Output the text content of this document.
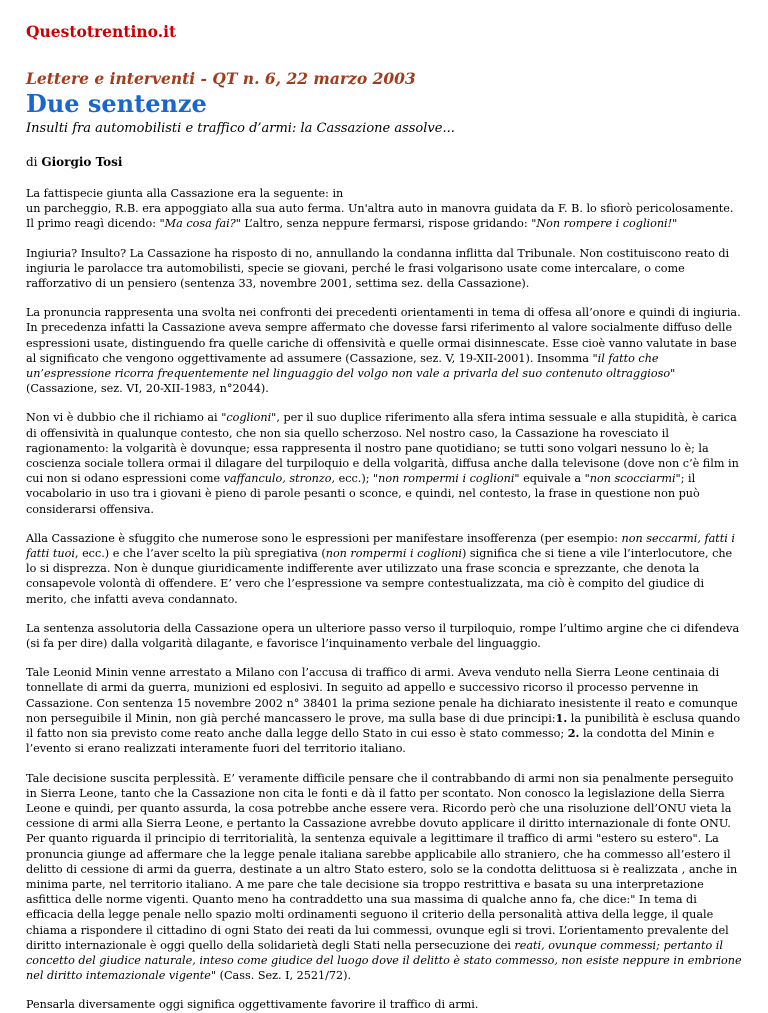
Questotrentino.it
Lettere e interventi - QT n. 6, 22 marzo 2003
Due sentenze
Insulti fra automobilisti e traffico d’armi: la Cassazione assolve...
di Giorgio Tosi

La fattispecie giunta alla Cassazione era la seguente: in
un parcheggio, R.B. era appoggiato alla sua auto ferma. Un'altra auto in manovra guidata da F. B. lo sfiorò pericolosamente. Il primo reagì dicendo: "Ma cosa fai?" L’altro, senza neppure fermarsi, rispose gridando: "Non rompere i coglioni!"

Ingiuria? Insulto? La Cassazione ha risposto di no, annullando la condanna inflitta dal Tribunale. Non costituiscono reato di ingiuria le parolacce tra automobilisti, specie se giovani, perché le frasi volgarisono usate come intercalare, o come rafforzativo di un pensiero (sentenza 33, novembre 2001, settima sez. della Cassazione).

La pronuncia rappresenta una svolta nei confronti dei precedenti orientamenti in tema di offesa all’onore e quindi di ingiuria. In precedenza infatti la Cassazione aveva sempre affermato che dovesse farsi riferimento al valore socialmente diffuso delle espressioni usate, distinguendo fra quelle cariche di offensività e quelle ormai disinnescate. Esse cioè vanno valutate in base al significato che vengono oggettivamente ad assumere (Cassazione, sez. V, 19-XII-2001). Insomma "il fatto che un’espressione ricorra frequentemente nel linguaggio del volgo non vale a privarla del suo contenuto oltraggioso" (Cassazione, sez. VI, 20-XII-1983, n°2044).

Non vi è dubbio che il richiamo ai "coglioni", per il suo duplice riferimento alla sfera intima sessuale e alla stupidità, è carica di offensività in qualunque contesto, che non sia quello scherzoso. Nel nostro caso, la Cassazione ha rovesciato il ragionamento: la volgarità è dovunque; essa rappresenta il nostro pane quotidiano; se tutti sono volgari nessuno lo è; la coscienza sociale tollera ormai il dilagare del turpiloquio e della volgarità, diffusa anche dalla televisone (dove non c’è film in cui non si odano espressioni come vaffanculo, stronzo, ecc.); "non rompermi i coglioni" equivale a "non scocciarmi"; il vocabolario in uso tra i giovani è pieno di parole pesanti o sconce, e quindi, nel contesto, la frase in questione non può considerarsi offensiva.

Alla Cassazione è sfuggito che numerose sono le espressioni per manifestare insofferenza (per esempio: non seccarmi, fatti i fatti tuoi, ecc.) e che l’aver scelto la più spregiativa (non rompermi i coglioni) significa che si tiene a vile l’interlocutore, che lo si disprezza. Non è dunque giuridicamente indifferente aver utilizzato una frase sconcia e sprezzante, che denota la consapevole volontà di offendere. E’ vero che l’espressione va sempre contestualizzata, ma ciò è compito del giudice di merito, che infatti aveva condannato.

La sentenza assolutoria della Cassazione opera un ulteriore passo verso il turpiloquio, rompe l’ultimo argine che ci difendeva (si fa per dire) dalla volgarità dilagante, e favorisce l’inquinamento verbale del linguaggio.

Tale Leonid Minin venne arrestato a Milano con l’accusa di traffico di armi. Aveva venduto nella Sierra Leone centinaia di tonnellate di armi da guerra, munizioni ed esplosivi. In seguito ad appello e successivo ricorso il processo pervenne in Cassazione. Con sentenza 15 novembre 2002 n° 38401 la prima sezione penale ha dichiarato inesistente il reato e comunque non perseguibile il Minin, non già perché mancassero le prove, ma sulla base di due principi:1. la punibilità è esclusa quando il fatto non sia previsto come reato anche dalla legge dello Stato in cui esso è stato commesso; 2. la condotta del Minin e l’evento si erano realizzati interamente fuori del territorio italiano.

Tale decisione suscita perplessità. E’ veramente difficile pensare che il contrabbando di armi non sia penalmente perseguito in Sierra Leone, tanto che la Cassazione non cita le fonti e dà il fatto per scontato. Non conosco la legislazione della Sierra Leone e quindi, per quanto assurda, la cosa potrebbe anche essere vera. Ricordo però che una risoluzione dell’ONU vieta la cessione di armi alla Sierra Leone, e pertanto la Cassazione avrebbe dovuto applicare il diritto internazionale di fonte ONU. Per quanto riguarda il principio di territorialità, la sentenza equivale a legittimare il traffico di armi "estero su estero". La pronuncia giunge ad affermare che la legge penale italiana sarebbe applicabile allo straniero, che ha commesso all’estero il delitto di cessione di armi da guerra, destinate a un altro Stato estero, solo se la condotta delittuosa si è realizzata , anche in minima parte, nel territorio italiano. A me pare che tale decisione sia troppo restrittiva e basata su una interpretazione asfittica delle norme vigenti. Quanto meno ha contraddetto una sua massima di qualche anno fa, che dice:" In tema di efficacia della legge penale nello spazio molti ordinamenti seguono il criterio della personalità attiva della legge, il quale chiama a rispondere il cittadino di ogni Stato dei reati da lui commessi, ovunque egli si trovi. L’orientamento prevalente del diritto internazionale è oggi quello della solidarietà degli Stati nella persecuzione dei reati, ovunque commessi; pertanto il concetto del giudice naturale, inteso come giudice del luogo dove il delitto è stato commesso, non esiste neppure in embrione nel diritto intemazionale vigente" (Cass. Sez. I, 2521/72).

Pensarla diversamente oggi significa oggettivamente favorire il traffico di armi.
